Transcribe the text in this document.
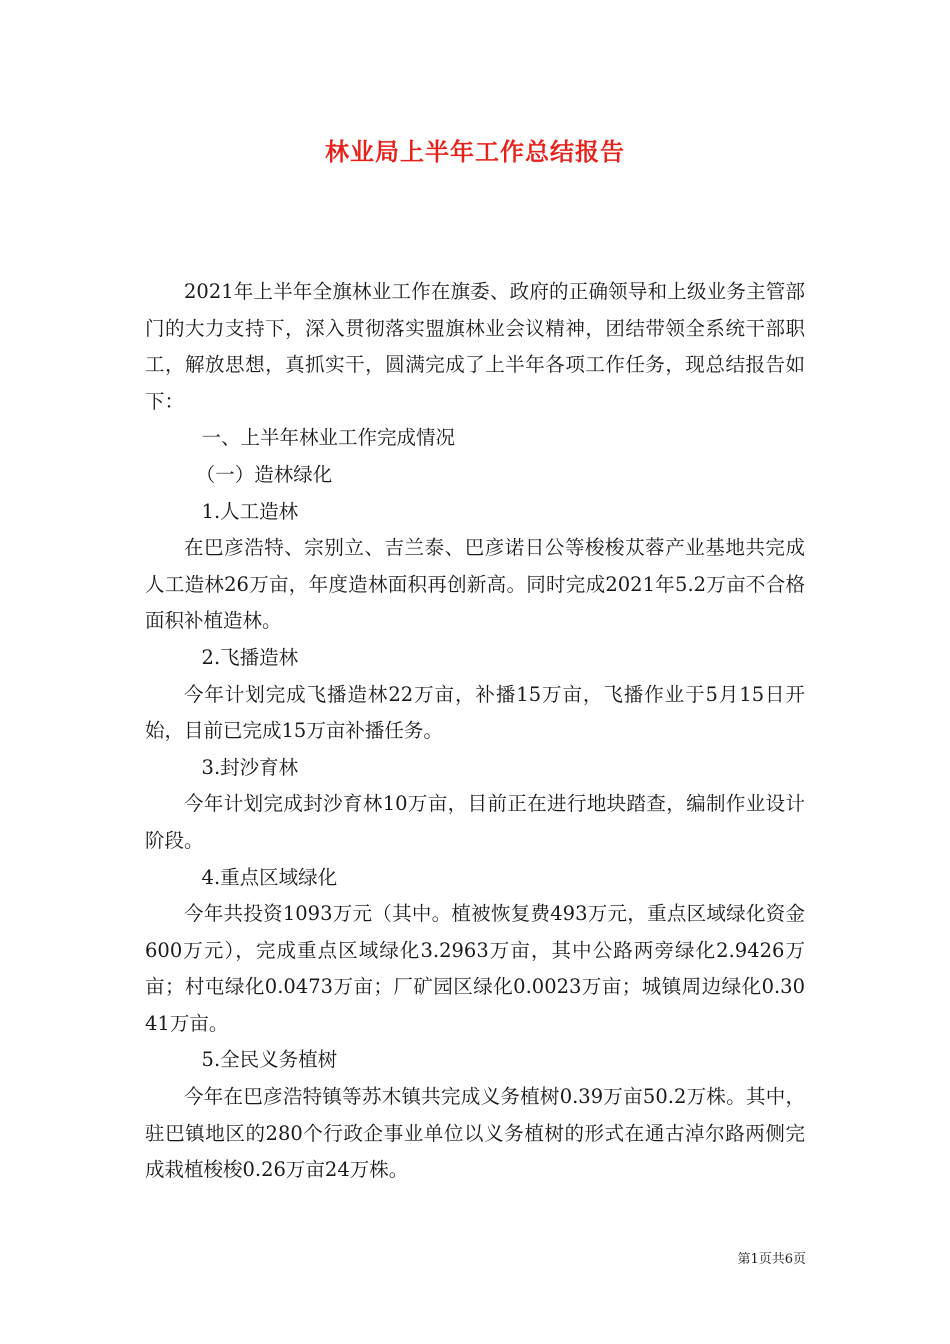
林业局上半年工作总结报告

2021年上半年全旗林业工作在旗委、政府的正确领导和上级业务主管部门的大力支持下，深入贯彻落实盟旗林业会议精神，团结带领全系统干部职工，解放思想，真抓实干，圆满完成了上半年各项工作任务，现总结报告如下：

一、上半年林业工作完成情况

（一）造林绿化

1.人工造林

在巴彦浩特、宗别立、吉兰泰、巴彦诺日公等梭梭苁蓉产业基地共完成人工造林26万亩，年度造林面积再创新高。同时完成2021年5.2万亩不合格面积补植造林。

2.飞播造林

今年计划完成飞播造林22万亩，补播15万亩，飞播作业于5月15日开始，目前已完成15万亩补播任务。

3.封沙育林

今年计划完成封沙育林10万亩，目前正在进行地块踏查，编制作业设计阶段。

4.重点区域绿化

今年共投资1093万元（其中。植被恢复费493万元，重点区域绿化资金600万元），完成重点区域绿化3.2963万亩，其中公路两旁绿化2.9426万亩；村屯绿化0.0473万亩；厂矿园区绿化0.0023万亩；城镇周边绿化0.3041万亩。

5.全民义务植树

今年在巴彦浩特镇等苏木镇共完成义务植树0.39万亩50.2万株。其中，驻巴镇地区的280个行政企事业单位以义务植树的形式在通古淖尔路两侧完成栽植梭梭0.26万亩24万株。

第1页共6页
